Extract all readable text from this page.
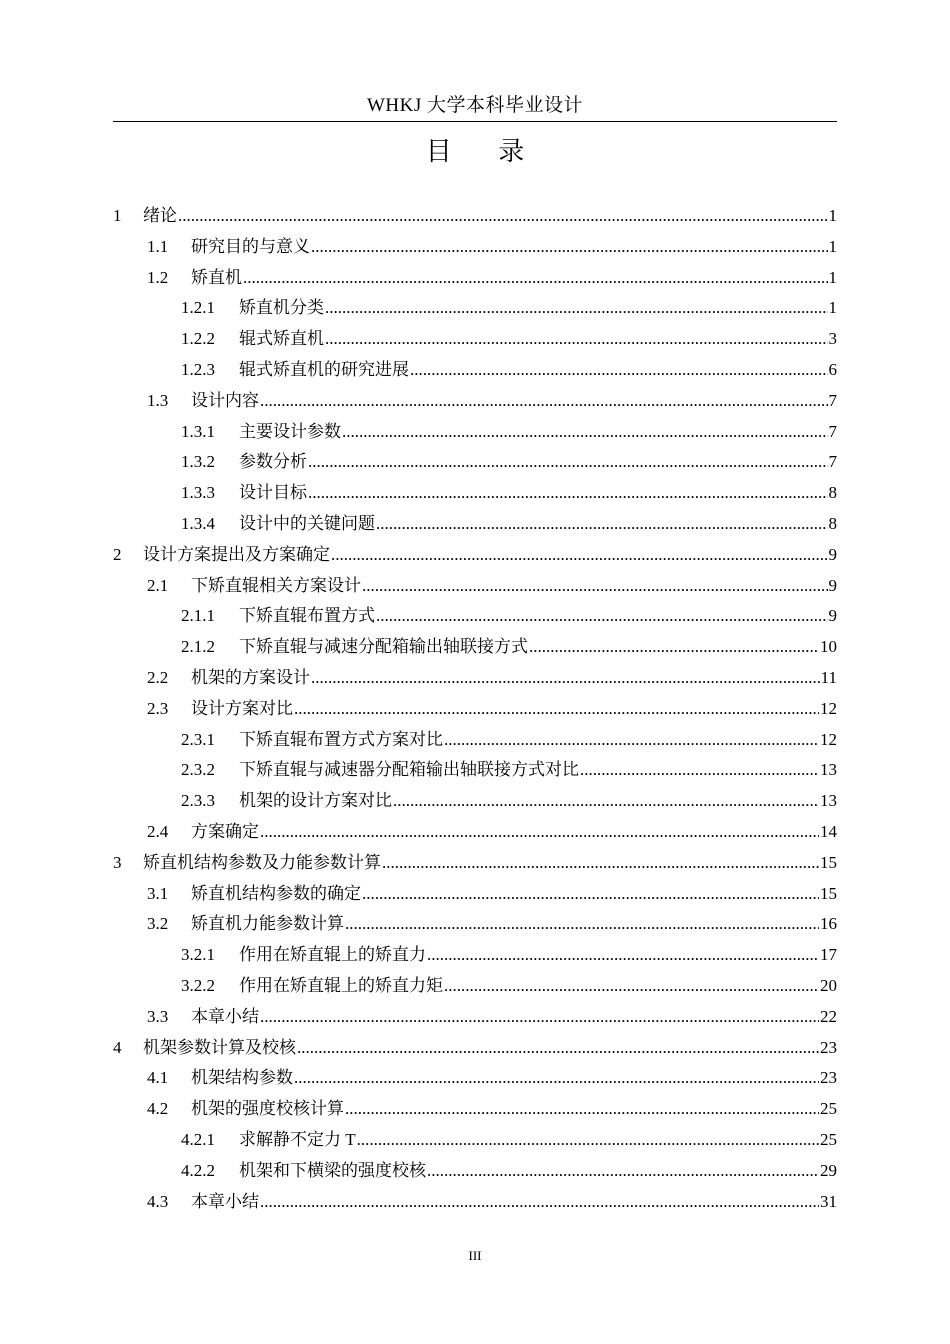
WHKJ 大学本科毕业设计
目 录
1	绪论 .....	1
1.1	研究目的与意义 .....	1
1.2	矫直机 .....	1
1.2.1	矫直机分类 .....	1
1.2.2	辊式矫直机 .....	3
1.2.3	辊式矫直机的研究进展 .....	6
1.3	设计内容 .....	7
1.3.1	主要设计参数 .....	7
1.3.2	参数分析 .....	7
1.3.3	设计目标 .....	8
1.3.4	设计中的关键问题 .....	8
2	设计方案提出及方案确定 .....	9
2.1	下矫直辊相关方案设计 .....	9
2.1.1	下矫直辊布置方式 .....	9
2.1.2	下矫直辊与减速分配箱输出轴联接方式 .....	10
2.2	机架的方案设计 .....	11
2.3	设计方案对比 .....	12
2.3.1	下矫直辊布置方式方案对比 .....	12
2.3.2	下矫直辊与减速器分配箱输出轴联接方式对比 .....	13
2.3.3	机架的设计方案对比 .....	13
2.4	方案确定 .....	14
3	矫直机结构参数及力能参数计算 .....	15
3.1	矫直机结构参数的确定 .....	15
3.2	矫直机力能参数计算 .....	16
3.2.1	作用在矫直辊上的矫直力 .....	17
3.2.2	作用在矫直辊上的矫直力矩 .....	20
3.3	本章小结 .....	22
4	机架参数计算及校核 .....	23
4.1	机架结构参数 .....	23
4.2	机架的强度校核计算 .....	25
4.2.1	求解静不定力 T .....	25
4.2.2	机架和下横梁的强度校核 .....	29
4.3	本章小结 .....	31
III
